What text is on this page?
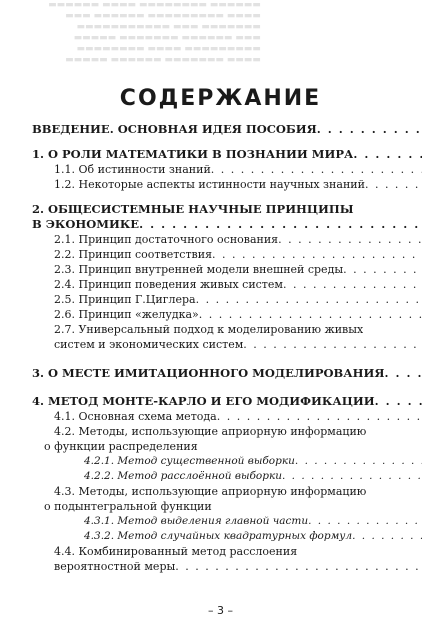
▬▬▬▬▬▬ ▬▬▬▬▬▬▬▬ ▬▬▬▬ ▬▬▬▬▬▬
▬▬▬▬ ▬▬▬▬▬▬▬▬▬ ▬▬▬▬▬▬ ▬▬▬
▬▬▬▬▬▬▬ ▬▬▬ ▬▬▬▬▬▬▬▬▬▬▬
▬▬▬ ▬▬▬▬▬▬ ▬▬▬▬▬▬▬ ▬▬▬▬▬
▬▬▬▬▬▬▬▬▬ ▬▬▬▬ ▬▬▬▬▬▬▬▬
▬▬▬▬ ▬▬▬▬▬▬▬ ▬▬▬▬▬▬ ▬▬▬▬▬
СОДЕРЖАНИЕ
ВВЕДЕНИЕ. ОСНОВНАЯ ИДЕЯ ПОСОБИЯ
. . .
1. О РОЛИ МАТЕМАТИКИ В ПОЗНАНИИ МИРА
. . .
1.1. Об истинности знаний
. . .
1.2. Некоторые аспекты истинности научных знаний
. . .
2. ОБЩЕСИСТЕМНЫЕ НАУЧНЫЕ ПРИНЦИПЫ
В ЭКОНОМИКЕ
. . .
2.1. Принцип достаточного основания
. . .
2.2. Принцип соответствия
. . .
2.3. Принцип внутренней модели внешней среды
. . .
2.4. Принцип поведения живых систем
. . .
2.5. Принцип Г.Циглера
. . .
2.6. Принцип «желудка»
. . .
2.7. Универсальный подход к моделированию живых
систем и экономических систем
. . .
3. О МЕСТЕ ИМИТАЦИОННОГО МОДЕЛИРОВАНИЯ
. . .
4. МЕТОД МОНТЕ-КАРЛО И ЕГО МОДИФИКАЦИИ
. . .
4.1. Основная схема метода
. . .
4.2. Методы, использующие априорную информацию
о функции распределения
4.2.1. Метод существенной выборки
. . .
4.2.2. Метод расслоённой выборки
. . .
4.3. Методы, использующие априорную информацию
о подынтегральной функции
4.3.1. Метод выделения главной части
. . .
4.3.2. Метод случайных квадратурных формул
. . .
4.4. Комбинированный метод расслоения
вероятностной меры
. . .
– 3 –
